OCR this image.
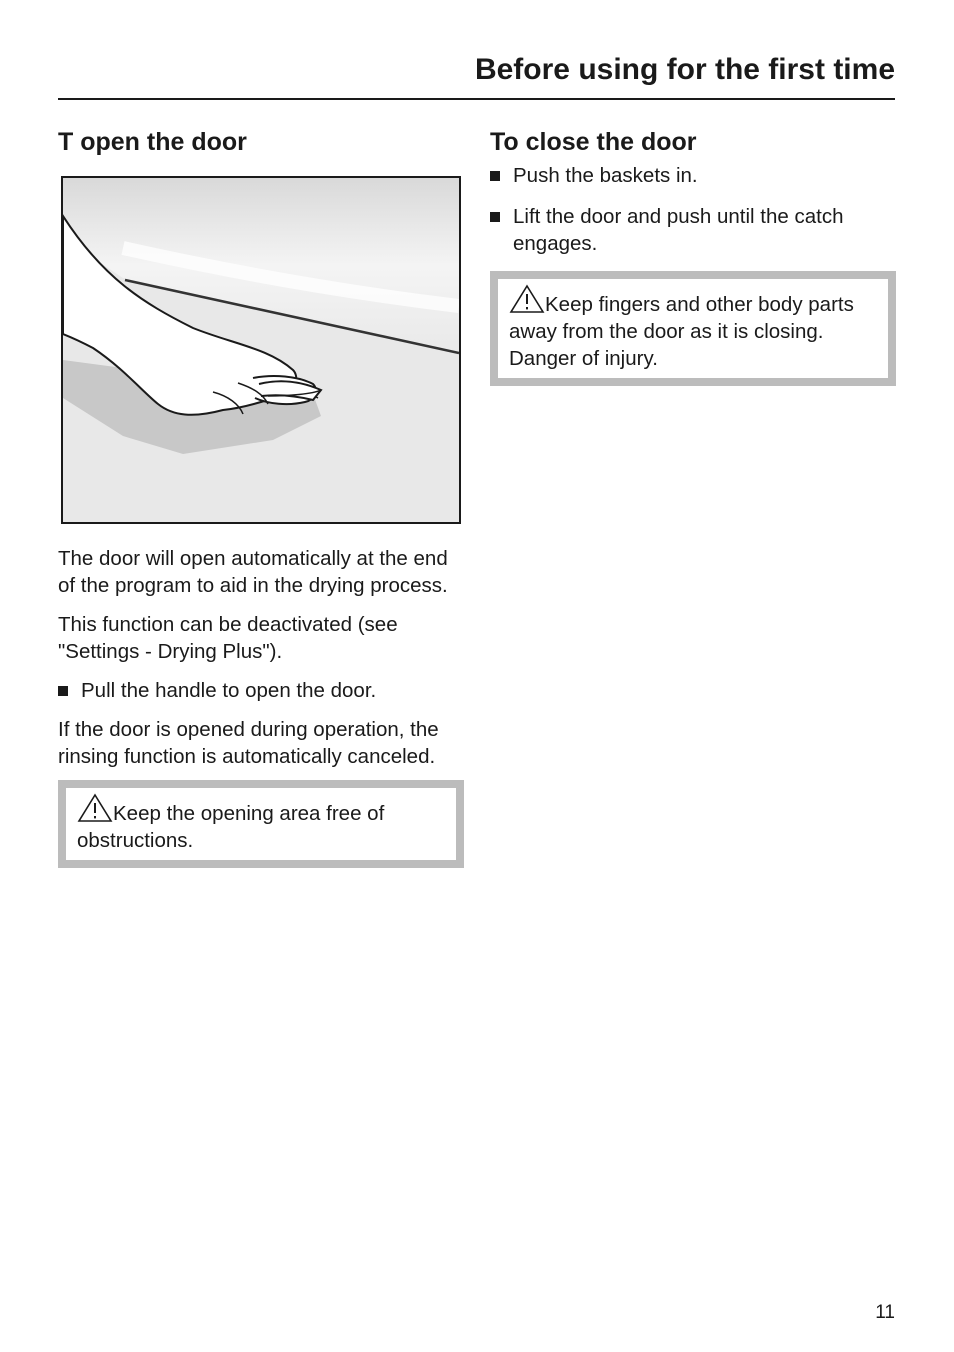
Before using for the first time
T open the door

The door will open automatically at the end of the program to aid in the drying process.

This function can be deactivated (see "Settings - Drying Plus").

Pull the handle to open the door.

If the door is opened during operation, the rinsing function is automatically canceled.

Keep the opening area free of obstructions.
To close the door
Push the baskets in.
Lift the door and push until the catch engages.
Keep fingers and other body parts away from the door as it is closing. Danger of injury.
11
